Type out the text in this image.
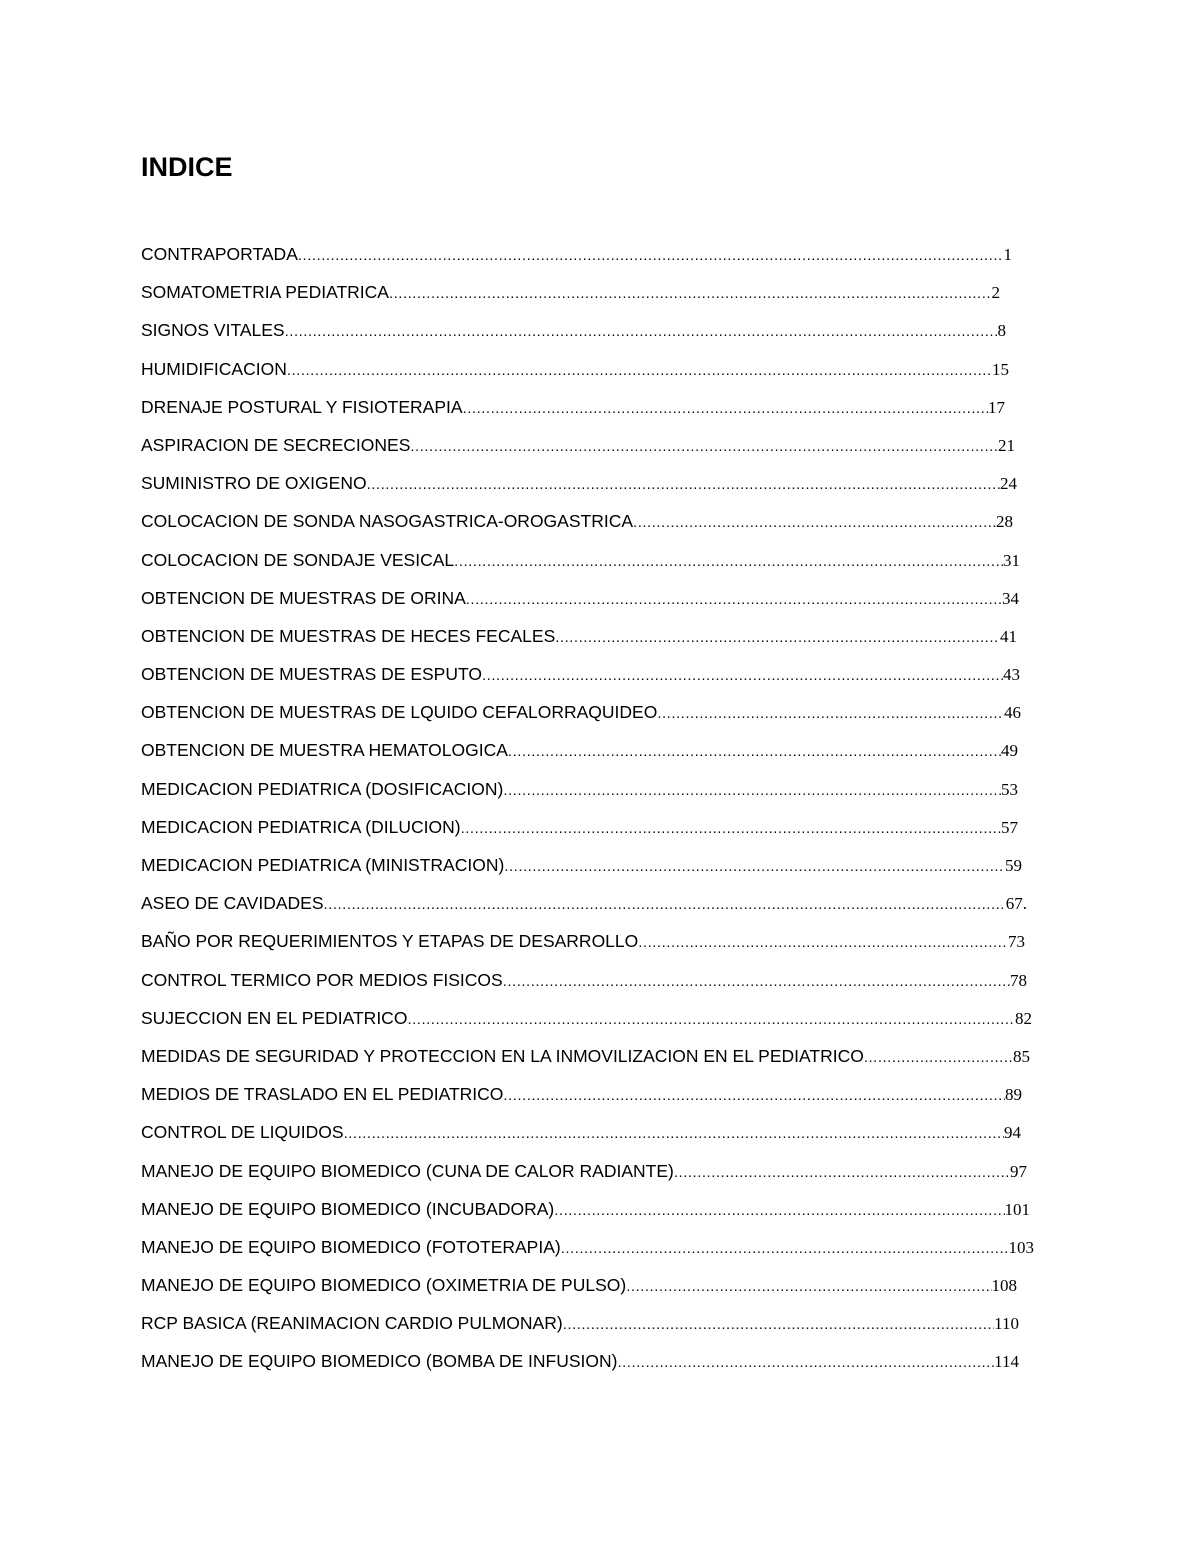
INDICE
CONTRAPORTADA .....	1
SOMATOMETRIA PEDIATRICA .....	2
SIGNOS VITALES .....	8
HUMIDIFICACION .....	15
DRENAJE POSTURAL Y FISIOTERAPIA .....	17
ASPIRACION DE SECRECIONES .....	21
SUMINISTRO DE OXIGENO .....	24
COLOCACION DE SONDA NASOGASTRICA-OROGASTRICA .....	28
COLOCACION DE SONDAJE VESICAL .....	31
OBTENCION DE MUESTRAS DE ORINA .....	34
OBTENCION DE MUESTRAS DE HECES FECALES .....	41
OBTENCION DE MUESTRAS DE ESPUTO .....	43
OBTENCION DE MUESTRAS DE LQUIDO CEFALORRAQUIDEO .....	46
OBTENCION DE MUESTRA HEMATOLOGICA .....	49
MEDICACION PEDIATRICA (DOSIFICACION) .....	53
MEDICACION PEDIATRICA (DILUCION) .....	57
MEDICACION PEDIATRICA (MINISTRACION) .....	59
ASEO DE CAVIDADES .....	67.
BAÑO POR REQUERIMIENTOS Y ETAPAS DE DESARROLLO .....	73
CONTROL TERMICO POR MEDIOS FISICOS .....	78
SUJECCION EN EL PEDIATRICO .....	82
MEDIDAS DE SEGURIDAD Y PROTECCION EN LA INMOVILIZACION EN EL PEDIATRICO .....	85
MEDIOS DE TRASLADO EN EL PEDIATRICO .....	89
CONTROL DE LIQUIDOS .....	94
MANEJO DE EQUIPO BIOMEDICO (CUNA DE CALOR RADIANTE) .....	97
MANEJO DE EQUIPO BIOMEDICO (INCUBADORA) .....	101
MANEJO DE EQUIPO BIOMEDICO (FOTOTERAPIA) .....	103
MANEJO DE EQUIPO BIOMEDICO (OXIMETRIA DE PULSO) .....	108
RCP BASICA (REANIMACION CARDIO PULMONAR) .....	110
MANEJO DE EQUIPO BIOMEDICO (BOMBA DE INFUSION) .....	114
